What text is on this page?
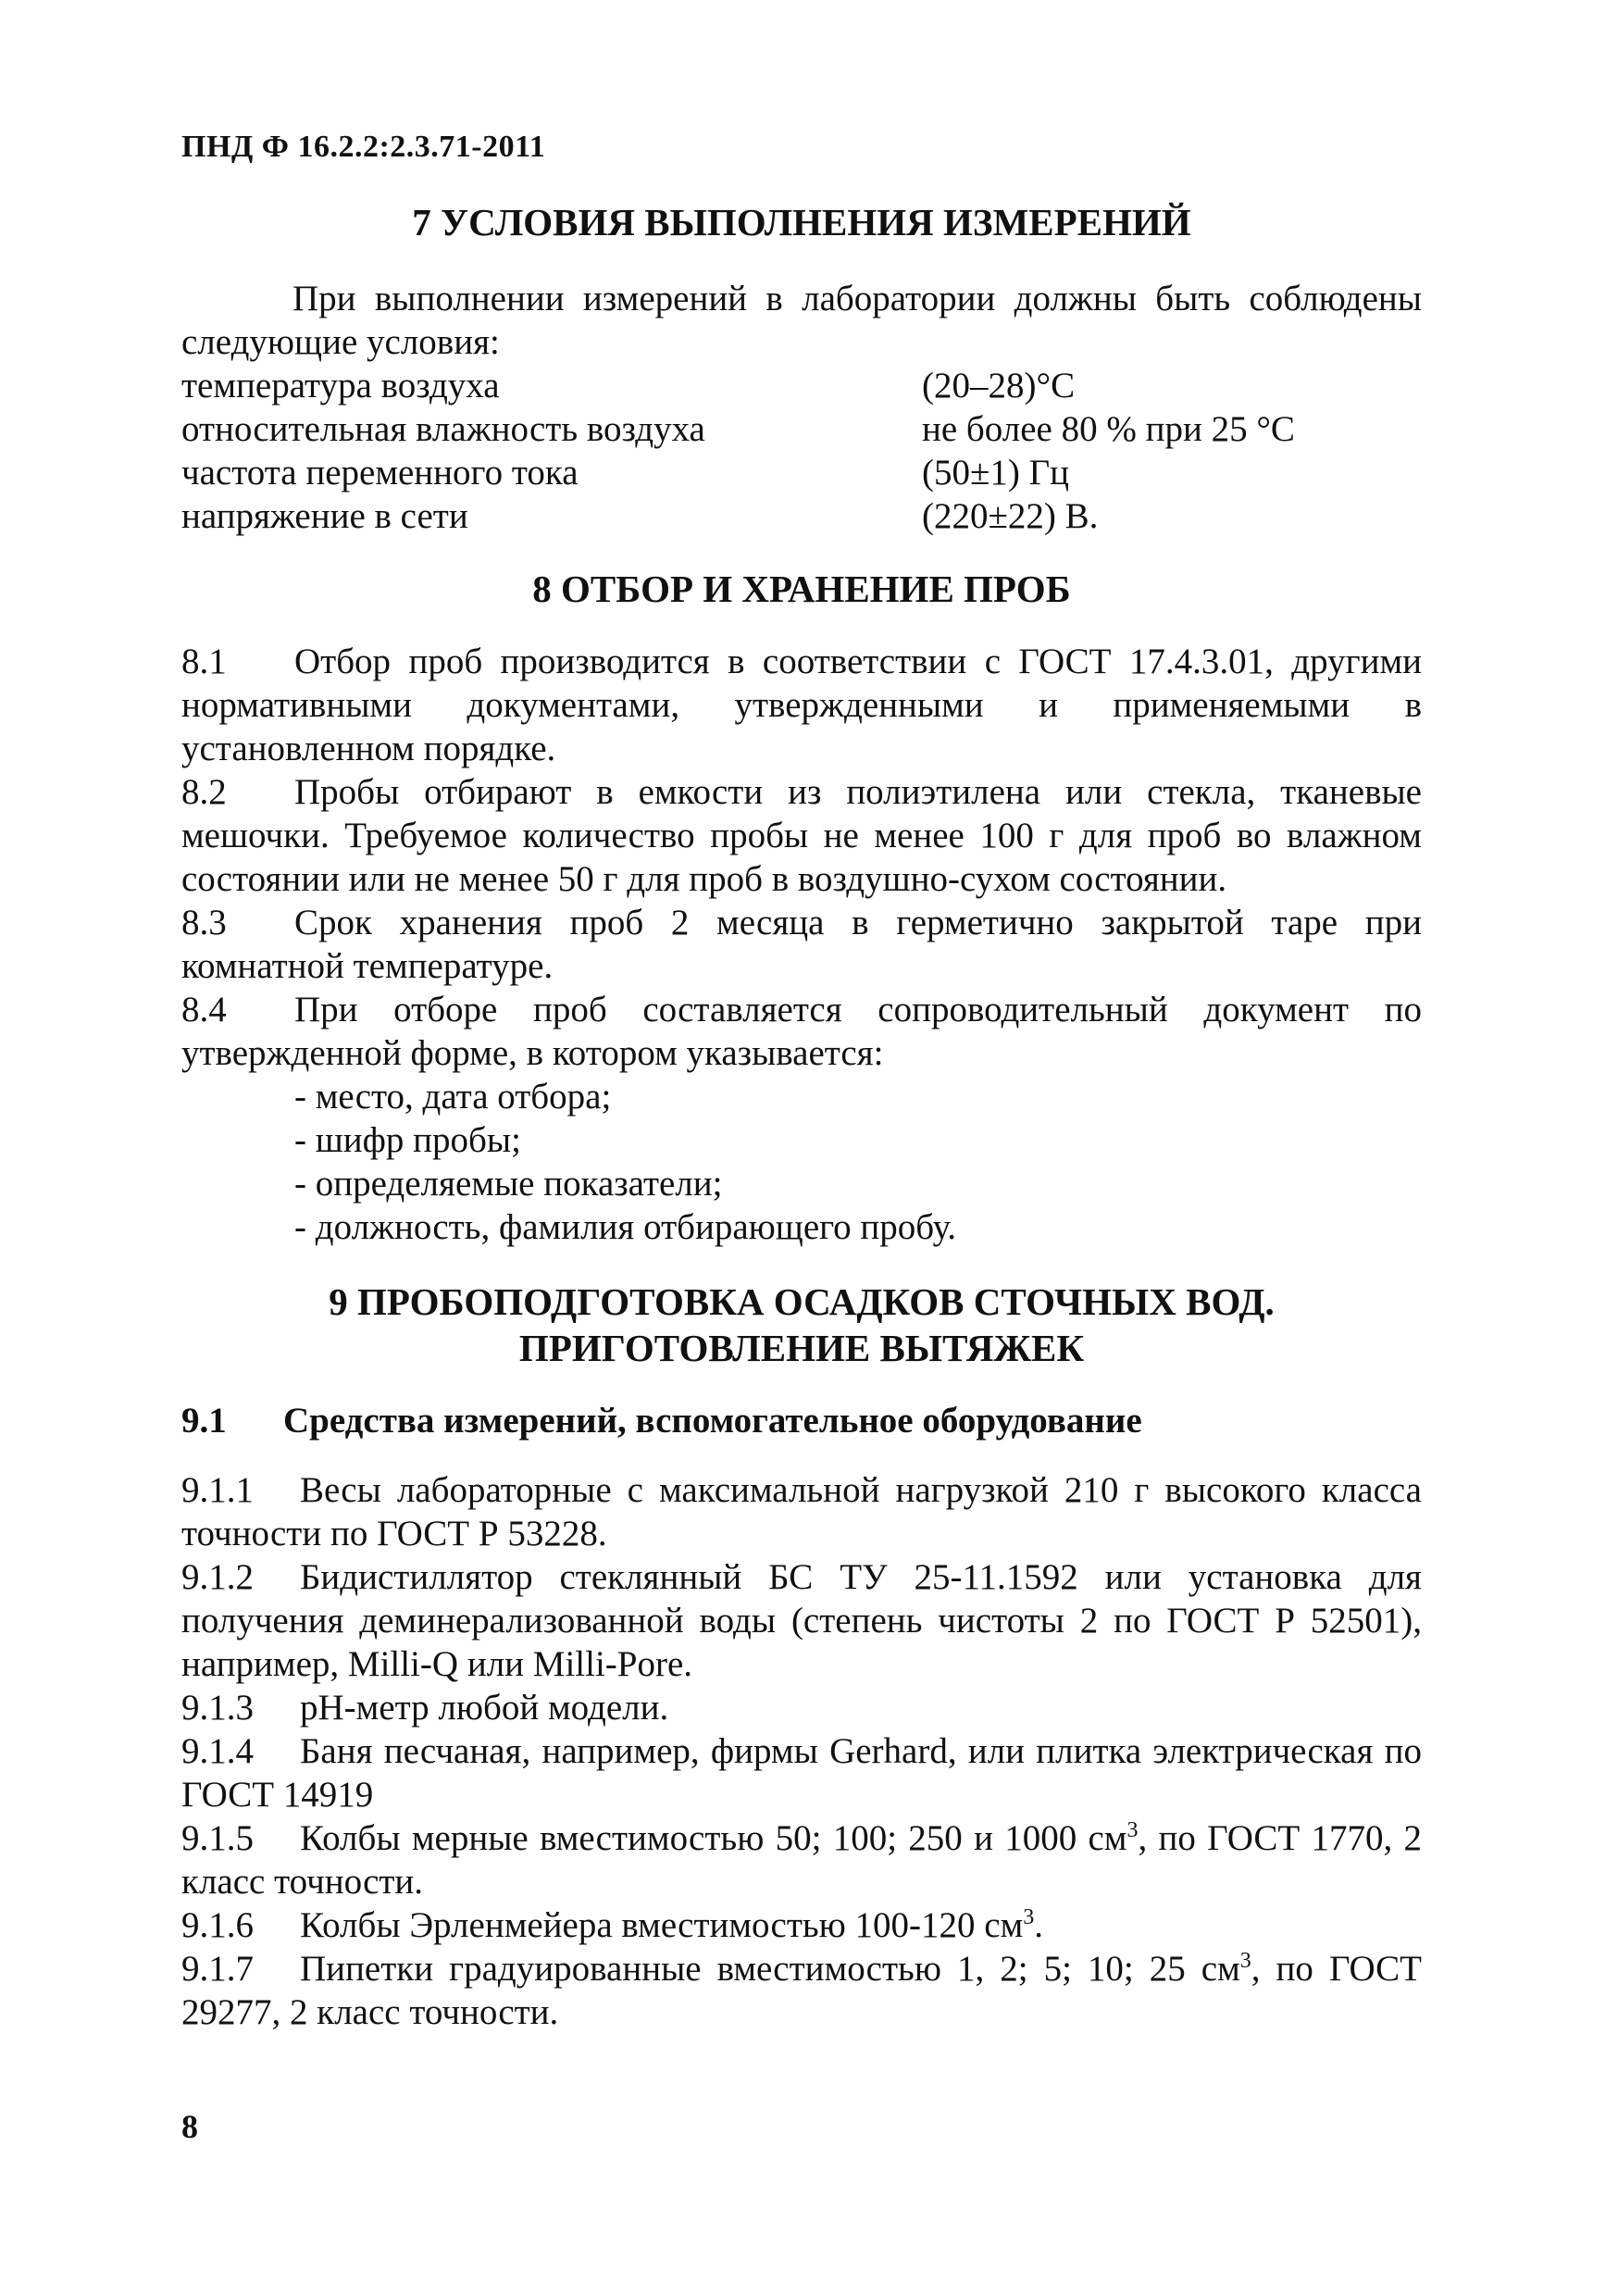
ПНД Ф 16.2.2:2.3.71-2011
7 УСЛОВИЯ ВЫПОЛНЕНИЯ ИЗМЕРЕНИЙ

При выполнении измерений в лаборатории должны быть соблюдены следующие условия:

температура воздуха	(20–28)°С
относительная влажность воздуха	не более 80 % при 25 °С
частота переменного тока	(50±1) Гц
напряжение в сети	(220±22) В.
8 ОТБОР И ХРАНЕНИЕ ПРОБ

8.1 Отбор проб производится в соответствии с ГОСТ 17.4.3.01, другими нормативными документами, утвержденными и применяемыми в установленном порядке.

8.2 Пробы отбирают в емкости из полиэтилена или стекла, тканевые мешочки. Требуемое количество пробы не менее 100 г для проб во влажном состоянии или не менее 50 г для проб в воздушно-сухом состоянии.

8.3 Срок хранения проб 2 месяца в герметично закрытой таре при комнатной температуре.

8.4 При отборе проб составляется сопроводительный документ по утвержденной форме, в котором указывается:

- место, дата отбора;

- шифр пробы;

- определяемые показатели;

- должность, фамилия отбирающего пробу.

9 ПРОБОПОДГОТОВКА ОСАДКОВ СТОЧНЫХ ВОД.
ПРИГОТОВЛЕНИЕ ВЫТЯЖЕК
9.1	Средства измерений, вспомогательное оборудование

9.1.1 Весы лабораторные с максимальной нагрузкой 210 г высокого класса точности по ГОСТ Р 53228.

9.1.2 Бидистиллятор стеклянный БС ТУ 25-11.1592 или установка для получения деминерализованной воды (степень чистоты 2 по ГОСТ Р 52501), например, Milli-Q или Milli-Pore.

9.1.3 рН-метр любой модели.

9.1.4 Баня песчаная, например, фирмы Gerhard, или плитка электрическая по ГОСТ 14919

9.1.5 Колбы мерные вместимостью 50; 100; 250 и 1000 $см^3$, по ГОСТ 1770, 2 класс точности.

9.1.6 Колбы Эрленмейера вместимостью 100-120 $см^3$.

9.1.7 Пипетки градуированные вместимостью 1, 2; 5; 10; 25 $см^3$, по ГОСТ 29277, 2 класс точности.

8
